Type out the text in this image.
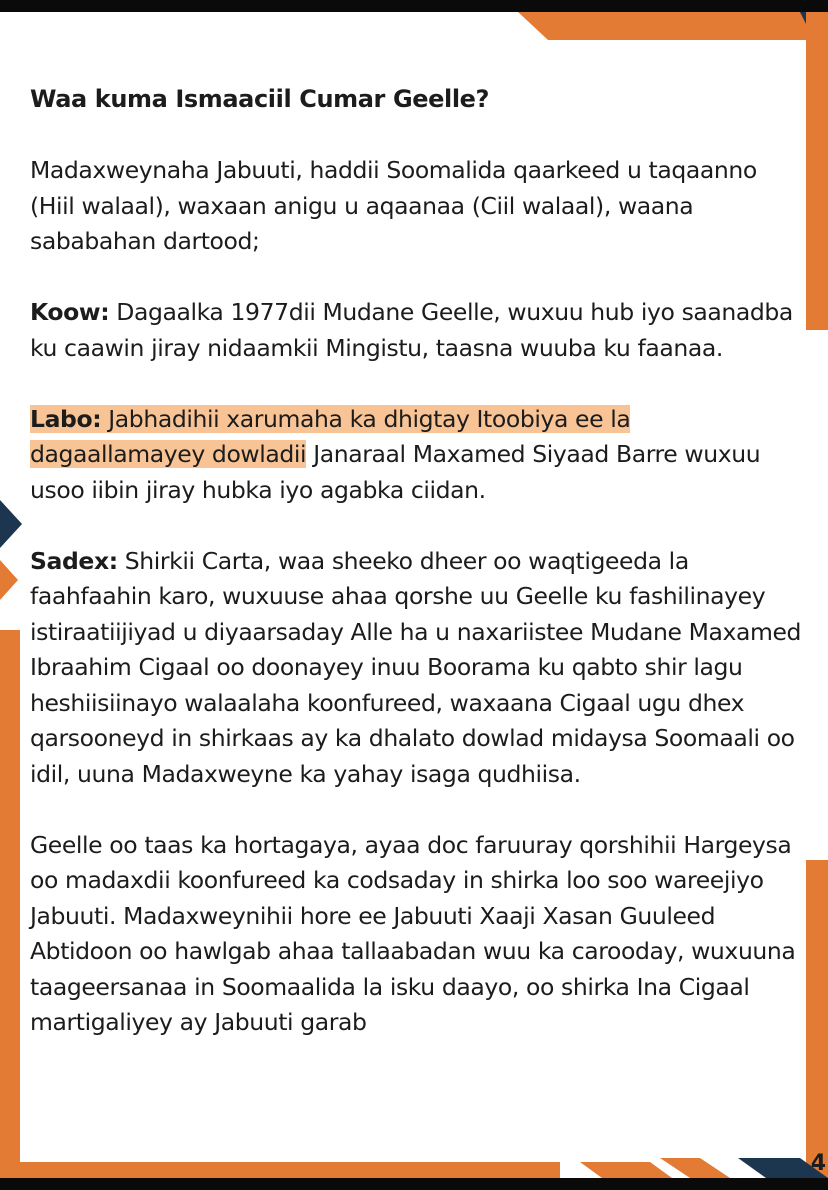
Waa kuma Ismaaciil Cumar Geelle?

Madaxweynaha Jabuuti, haddii Soomalida qaarkeed u taqaanno (Hiil walaal), waxaan anigu u aqaanaa (Ciil walaal), waana sababahan dartood;

Koow: Dagaalka 1977dii Mudane Geelle, wuxuu hub iyo saanadba ku caawin jiray nidaamkii Mingistu, taasna wuuba ku faanaa.

Labo: Jabhadihii xarumaha ka dhigtay Itoobiya ee la dagaallamayey dowladii Janaraal Maxamed Siyaad Barre wuxuu usoo iibin jiray hubka iyo agabka ciidan.

Sadex: Shirkii Carta, waa sheeko dheer oo waqtigeeda la faahfaahin karo, wuxuuse ahaa qorshe uu Geelle ku fashilinayey istiraatiijiyad u diyaarsaday Alle ha u naxariistee Mudane Maxamed Ibraahim Cigaal oo doonayey inuu Boorama ku qabto shir lagu heshiisiinayo walaalaha koonfureed, waxaana Cigaal ugu dhex qarsooneyd in shirkaas ay ka dhalato dowlad midaysa Soomaali oo idil, uuna Madaxweyne ka yahay isaga qudhiisa.

Geelle oo taas ka hortagaya, ayaa doc faruuray qorshihii Hargeysa oo madaxdii koonfureed ka codsaday in shirka loo soo wareejiyo Jabuuti. Madaxweynihii hore ee Jabuuti Xaaji Xasan Guuleed Abtidoon oo hawlgab ahaa tallaabadan wuu ka carooday, wuxuuna taageersanaa in Soomaalida la isku daayo, oo shirka Ina Cigaal martigaliyey ay Jabuuti garab

4
